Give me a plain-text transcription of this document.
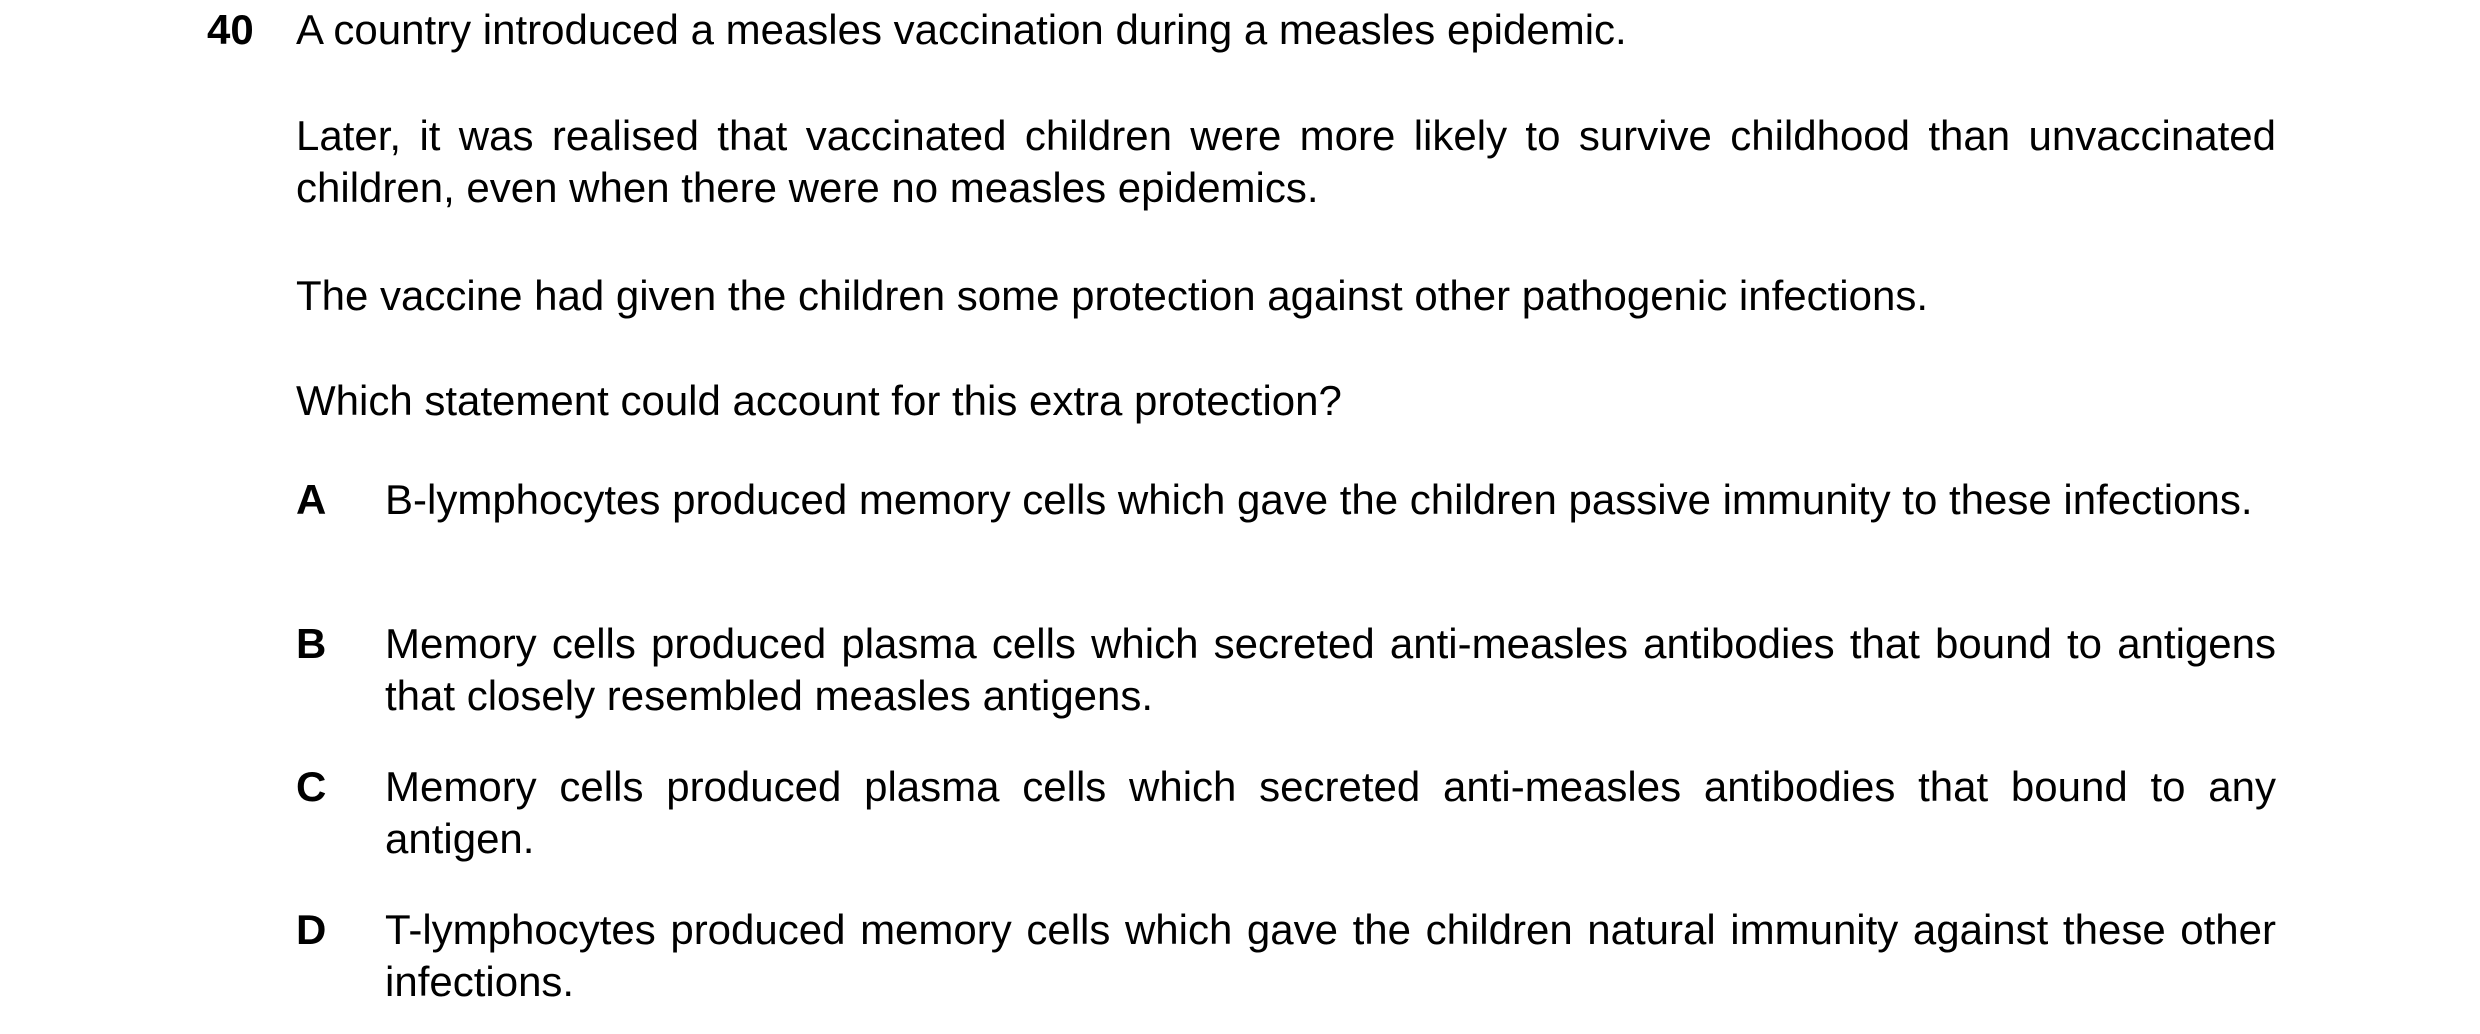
40 A country introduced a measles vaccination during a measles epidemic.

Later, it was realised that vaccinated children were more likely to survive childhood than unvaccinated children, even when there were no measles epidemics.

The vaccine had given the children some protection against other pathogenic infections.

Which statement could account for this extra protection?

A B-lymphocytes produced memory cells which gave the children passive immunity to these infections.

B Memory cells produced plasma cells which secreted anti-measles antibodies that bound to antigens that closely resembled measles antigens.

C Memory cells produced plasma cells which secreted anti-measles antibodies that bound to any antigen.

D T-lymphocytes produced memory cells which gave the children natural immunity against these other infections.
